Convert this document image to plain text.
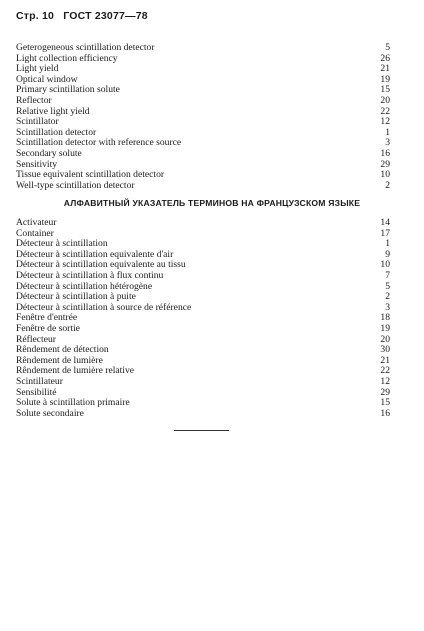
Стр. 10 ГОСТ 23077—78
Geterogeneous scintillation detector	5
Light collection efficiency	26
Light yield	21
Optical window	19
Primary scintillation solute	15
Reflector	20
Relative light yield	22
Scintillator	12
Scintillation detector	1
Scintillation detector with reference source	3
Secondary solute	16
Sensitivity	29
Tissue equivalent scintillation detector	10
Well-type scintillation detector	2
АЛФАВИТНЫЙ УКАЗАТЕЛЬ ТЕРМИНОВ НА ФРАНЦУЗСКОМ ЯЗЫКЕ
Activateur	14
Container	17
Détecteur à scintillation	1
Détecteur à scintillation equivalente d'air	9
Détecteur à scintillation equivalente au tissu	10
Détecteur à scintillation à flux continu	7
Détecteur à scintillation hétérogène	5
Détecteur à scintillation à puite	2
Détecteur à scintillation à source de référence	3
Fenêtre d'entrée	18
Fenêtre de sortie	19
Réflecteur	20
Rêndement de détection	30
Rêndement de lumière	21
Rêndement de lumière relative	22
Scintillateur	12
Sensibilité	29
Solute à scintillation primaire	15
Solute secondaire	16
